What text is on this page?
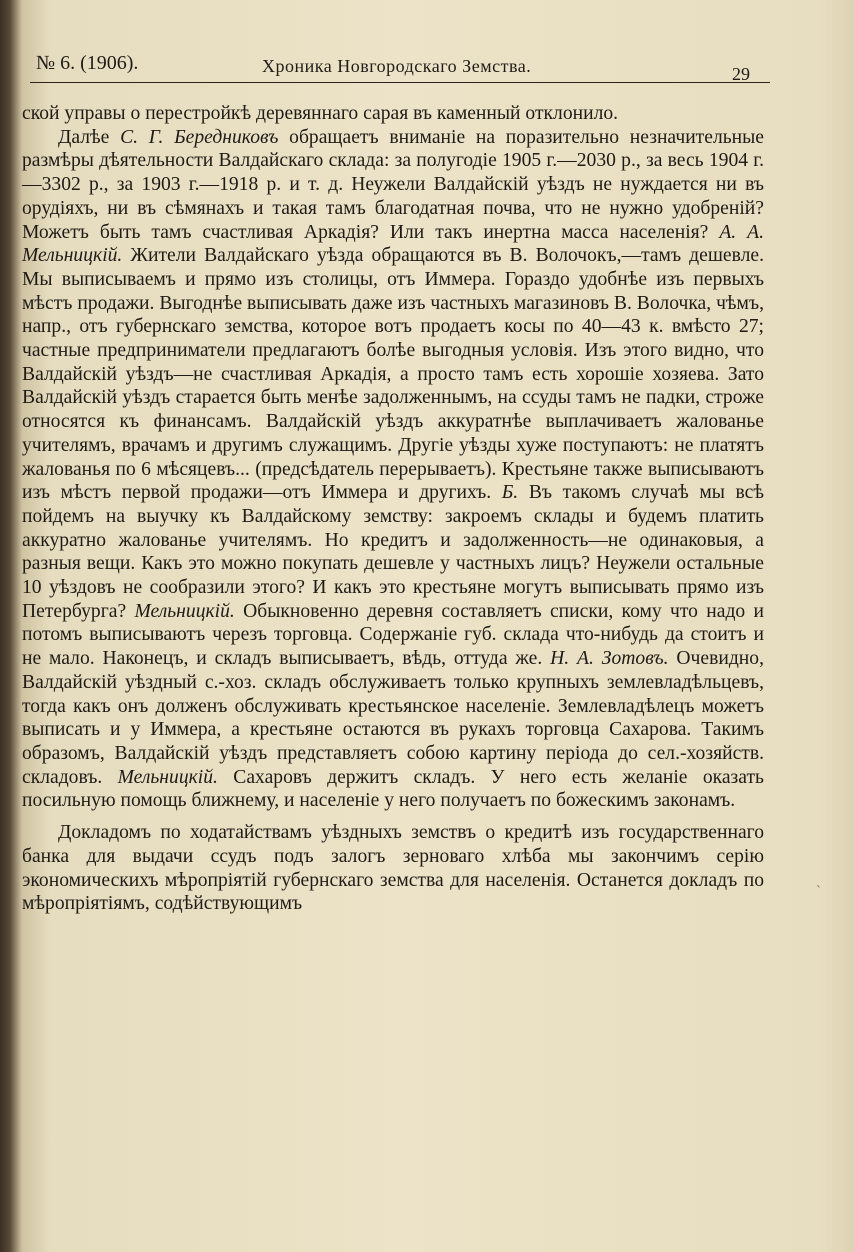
№ 6. (1906).	Хроника Новгородскаго Земства.	29

ской управы о перестройкѣ деревяннаго сарая въ каменный отклонило.

Далѣе С. Г. Бередниковъ обращаетъ вниманіе на поразительно незначительные размѣры дѣятельности Валдайскаго склада: за полугодіе 1905 г.—2030 р., за весь 1904 г.—3302 р., за 1903 г.—1918 р. и т. д. Неужели Валдайскій уѣздъ не нуждается ни въ орудіяхъ, ни въ сѣмянахъ и такая тамъ благодатная почва, что не нужно удобреній? Можетъ быть тамъ счастливая Аркадія? Или такъ инертна масса населенія? А. А. Мельницкій. Жители Валдайскаго уѣзда обращаются въ В. Волочокъ,—тамъ дешевле. Мы выписываемъ и прямо изъ столицы, отъ Иммера. Гораздо удобнѣе изъ первыхъ мѣстъ продажи. Выгоднѣе выписывать даже изъ частныхъ магазиновъ В. Волочка, чѣмъ, напр., отъ губернскаго земства, которое вотъ продаетъ косы по 40—43 к. вмѣсто 27; частные предприниматели предлагаютъ болѣе выгодныя условія. Изъ этого видно, что Валдайскій уѣздъ—не счастливая Аркадія, а просто тамъ есть хорошіе хозяева. Зато Валдайскій уѣздъ старается быть менѣе задолженнымъ, на ссуды тамъ не падки, строже относятся къ финансамъ. Валдайскій уѣздъ аккуратнѣе выплачиваетъ жалованье учителямъ, врачамъ и другимъ служащимъ. Другіе уѣзды хуже поступаютъ: не платятъ жалованья по 6 мѣсяцевъ... (предсѣдатель перерываетъ). Крестьяне также выписываютъ изъ мѣстъ первой продажи—отъ Иммера и другихъ. Б. Въ такомъ случаѣ мы всѣ пойдемъ на выучку къ Валдайскому земству: закроемъ склады и будемъ платить аккуратно жалованье учителямъ. Но кредитъ и задолженность—не одинаковыя, а разныя вещи. Какъ это можно покупать дешевле у частныхъ лицъ? Неужели остальные 10 уѣздовъ не сообразили этого? И какъ это крестьяне могутъ выписывать прямо изъ Петербурга? Мельницкій. Обыкновенно деревня составляетъ списки, кому что надо и потомъ выписываютъ черезъ торговца. Содержаніе губ. склада что-нибудь да стоитъ и не мало. Наконецъ, и складъ выписываетъ, вѣдь, оттуда же. Н. А. Зотовъ. Очевидно, Валдайскій уѣздный с.-хоз. складъ обслуживаетъ только крупныхъ землевладѣльцевъ, тогда какъ онъ долженъ обслуживать крестьянское населеніе. Землевладѣлецъ можетъ выписать и у Иммера, а крестьяне остаются въ рукахъ торговца Сахарова. Такимъ образомъ, Валдайскій уѣздъ представляетъ собою картину періода до сел.-хозяйств. складовъ. Мельницкій. Сахаровъ держитъ складъ. У него есть желаніе оказать посильную помощь ближнему, и населеніе у него получаетъ по божескимъ законамъ.

Докладомъ по ходатайствамъ уѣздныхъ земствъ о кредитѣ изъ государственнаго банка для выдачи ссудъ подъ залогъ зерноваго хлѣба мы закончимъ серію экономическихъ мѣропріятій губернскаго земства для населенія. Останется докладъ по мѣропріятіямъ, содѣйствующимъ

`
